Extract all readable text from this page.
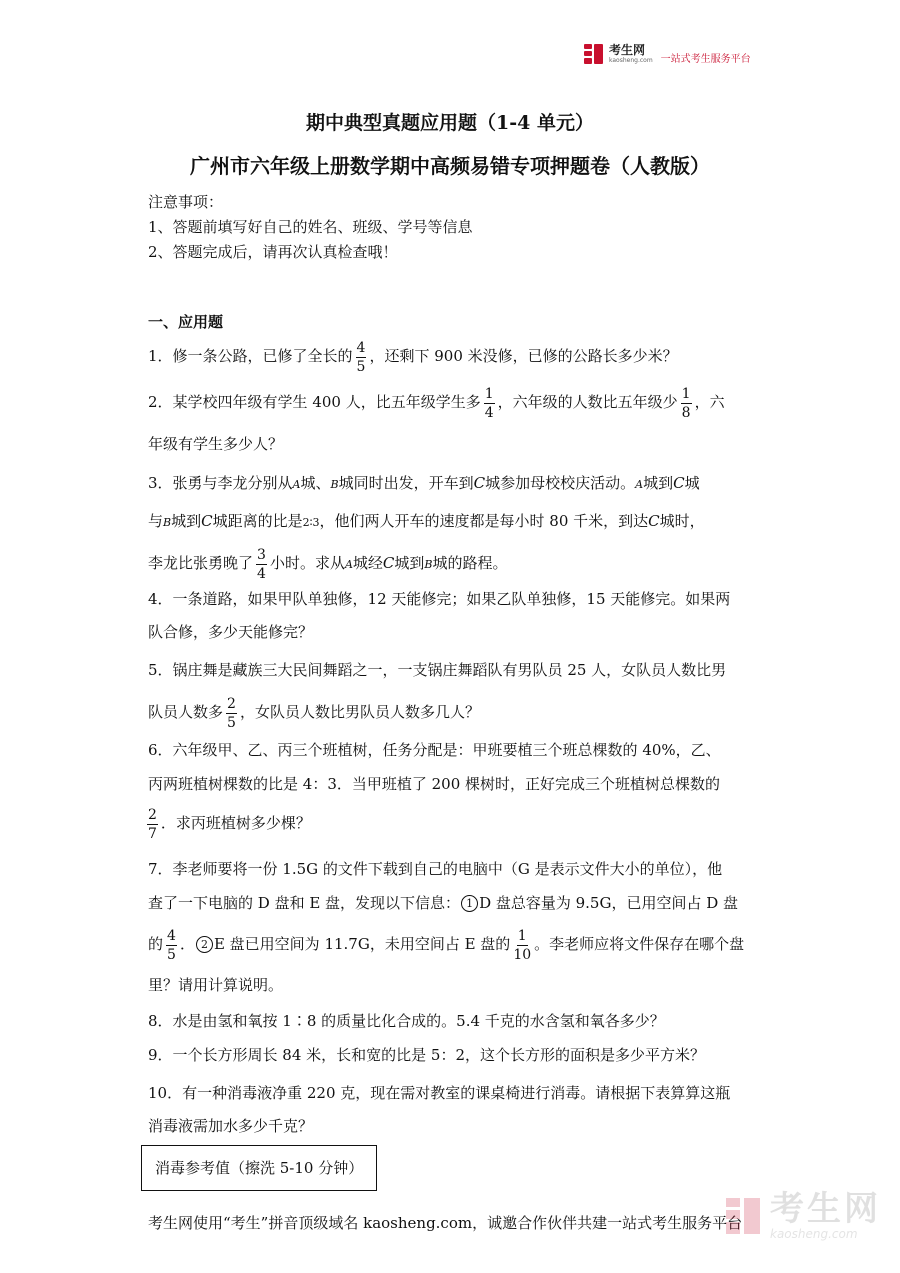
考生网
kaosheng.com 一站式考生服务平台
期中典型真题应用题（1-4 单元）
广州市六年级上册数学期中高频易错专项押题卷（人教版）
注意事项：
1、答题前填写好自己的姓名、班级、学号等信息
2、答题完成后，请再次认真检查哦！
一、应用题
1．修一条公路，已修了全长的 $\frac{4}{5}$ ，还剩下 900 米没修，已修的公路长多少米？

2．某学校四年级有学生 400 人，比五年级学生多 $\frac{1}{4}$ ，六年级的人数比五年级少 $\frac{1}{8}$ ，六

年级有学生多少人？

3．张勇与李龙分别从A城、B城同时出发，开车到C城参加母校校庆活动。A城到C城

与B城到C城距离的比是2∶3，他们两人开车的速度都是每小时 80 千米，到达C城时，

李龙比张勇晚了 $\frac{3}{4}$ 小时。求从A城经C城到B城的路程。

4．一条道路，如果甲队单独修，12 天能修完；如果乙队单独修，15 天能修完。如果两

队合修，多少天能修完？

5．锅庄舞是藏族三大民间舞蹈之一，一支锅庄舞蹈队有男队员 25 人，女队员人数比男

队员人数多 $\frac{2}{5}$ ，女队员人数比男队员人数多几人？

6．六年级甲、乙、丙三个班植树，任务分配是：甲班要植三个班总棵数的 40%，乙、

丙两班植树棵数的比是 4：3．当甲班植了 200 棵树时，正好完成三个班植树总棵数的

$\frac{2}{7}$ ．求丙班植树多少棵？

7．李老师要将一份 1.5G 的文件下载到自己的电脑中（G 是表示文件大小的单位），他

查了一下电脑的 D 盘和 E 盘，发现以下信息： 1 D 盘总容量为 9.5G，已用空间占 D 盘

的 $\frac{4}{5}$ ． 2 E 盘已用空间为 11.7G，未用空间占 E 盘的 $\frac{1}{10}$ 。李老师应将文件保存在哪个盘

里？请用计算说明。

8．水是由氢和氧按 1∶8 的质量比化合成的。5.4 千克的水含氢和氧各多少？
9．一个长方形周长 84 米，长和宽的比是 5：2，这个长方形的面积是多少平方米？

10．有一种消毒液净重 220 克，现在需对教室的课桌椅进行消毒。请根据下表算算这瓶

消毒液需加水多少千克？

消毒参考值（擦洗 5-10 分钟）
考生网使用“考生”拼音顶级域名 kaosheng.com，诚邀合作伙伴共建一站式考生服务平台 考生网
kaosheng.com
